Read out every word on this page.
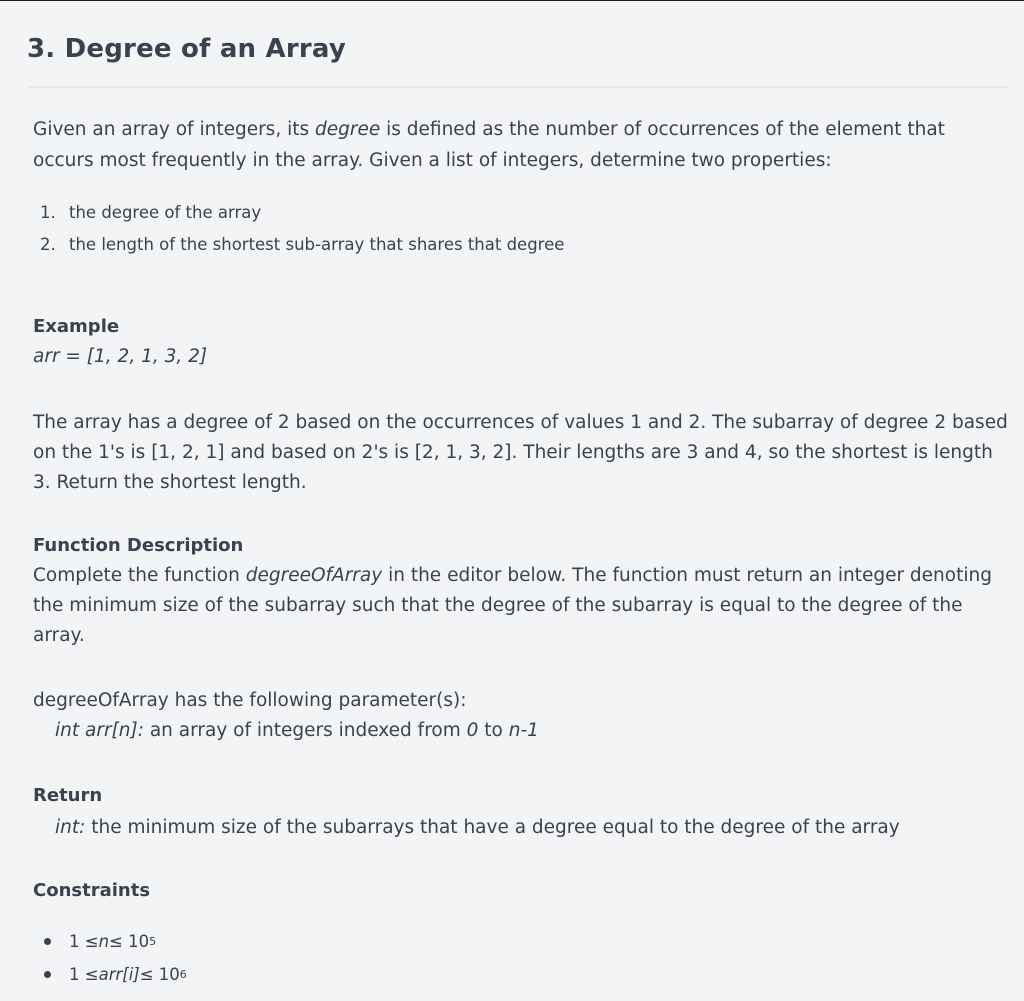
3. Degree of an Array

Given an array of integers, its degree is defined as the number of occurrences of the element that occurs most frequently in the array. Given a list of integers, determine two properties:

1. the degree of the array
2. the length of the shortest sub-array that shares that degree
Example
arr = [1, 2, 1, 3, 2]

The array has a degree of 2 based on the occurrences of values 1 and 2. The subarray of degree 2 based on the 1's is [1, 2, 1] and based on 2's is [2, 1, 3, 2]. Their lengths are 3 and 4, so the shortest is length 3. Return the shortest length.

Function Description

Complete the function degreeOfArray in the editor below. The function must return an integer denoting the minimum size of the subarray such that the degree of the subarray is equal to the degree of the array.

degreeOfArray has the following parameter(s):

int arr[n]: an array of integers indexed from 0 to n-1

Return

int: the minimum size of the subarrays that have a degree equal to the degree of the array

Constraints
1 ≤ n ≤ 10 5
1 ≤ arr[i] ≤ 10 6
